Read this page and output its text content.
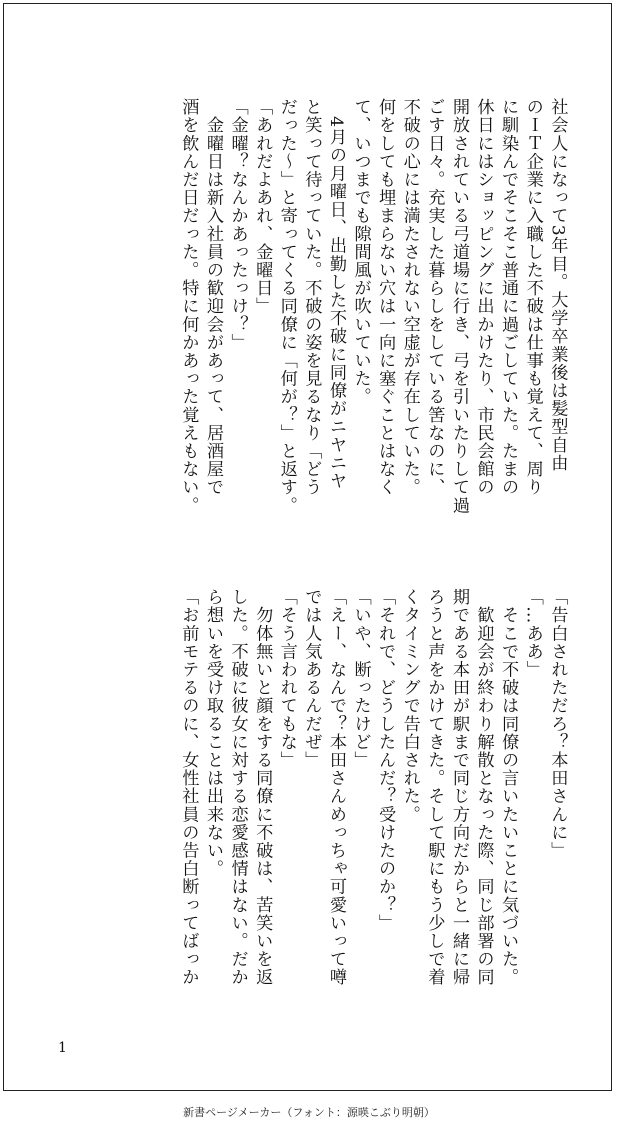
社会人になって3年目。大学卒業後は髪型自由
のＩＴ企業に入職した不破は仕事も覚えて、周り
に馴染んでそこそこ普通に過ごしていた。たまの
休日にはショッピングに出かけたり、市民会館の
開放されている弓道場に行き、弓を引いたりして過
ごす日々。充実した暮らしをしている筈なのに、
不破の心には満たされない空虚が存在していた。
何をしても埋まらない穴は一向に塞ぐことはなく
て、いつまでも隙間風が吹いていた。
　4月の月曜日、出勤した不破に同僚がニヤニヤ
と笑って待っていた。不破の姿を見るなり「どう
だった〜」と寄ってくる同僚に「何が？」と返す。
「あれだよあれ、金曜日」
「金曜？なんかあったっけ？」
　金曜日は新入社員の歓迎会があって、居酒屋で
酒を飲んだ日だった。特に何かあった覚えもない。
「告白されただろ？本田さんに」
「…ああ」
　そこで不破は同僚の言いたいことに気づいた。
　歓迎会が終わり解散となった際、同じ部署の同
期である本田が駅まで同じ方向だからと一緒に帰
ろうと声をかけてきた。そして駅にもう少しで着
くタイミングで告白された。
「それで、どうしたんだ？受けたのか？」
「いや、断ったけど」
「えー、なんで？本田さんめっちゃ可愛いって噂
では人気あるんだぜ」
「そう言われてもな」
　勿体無いと顔をする同僚に不破は、苦笑いを返
した。不破に彼女に対する恋愛感情はない。だか
ら想いを受け取ることは出来ない。
「お前モテるのに、女性社員の告白断ってばっか
1
新書ページメーカー（フォント：源暎こぶり明朝）
